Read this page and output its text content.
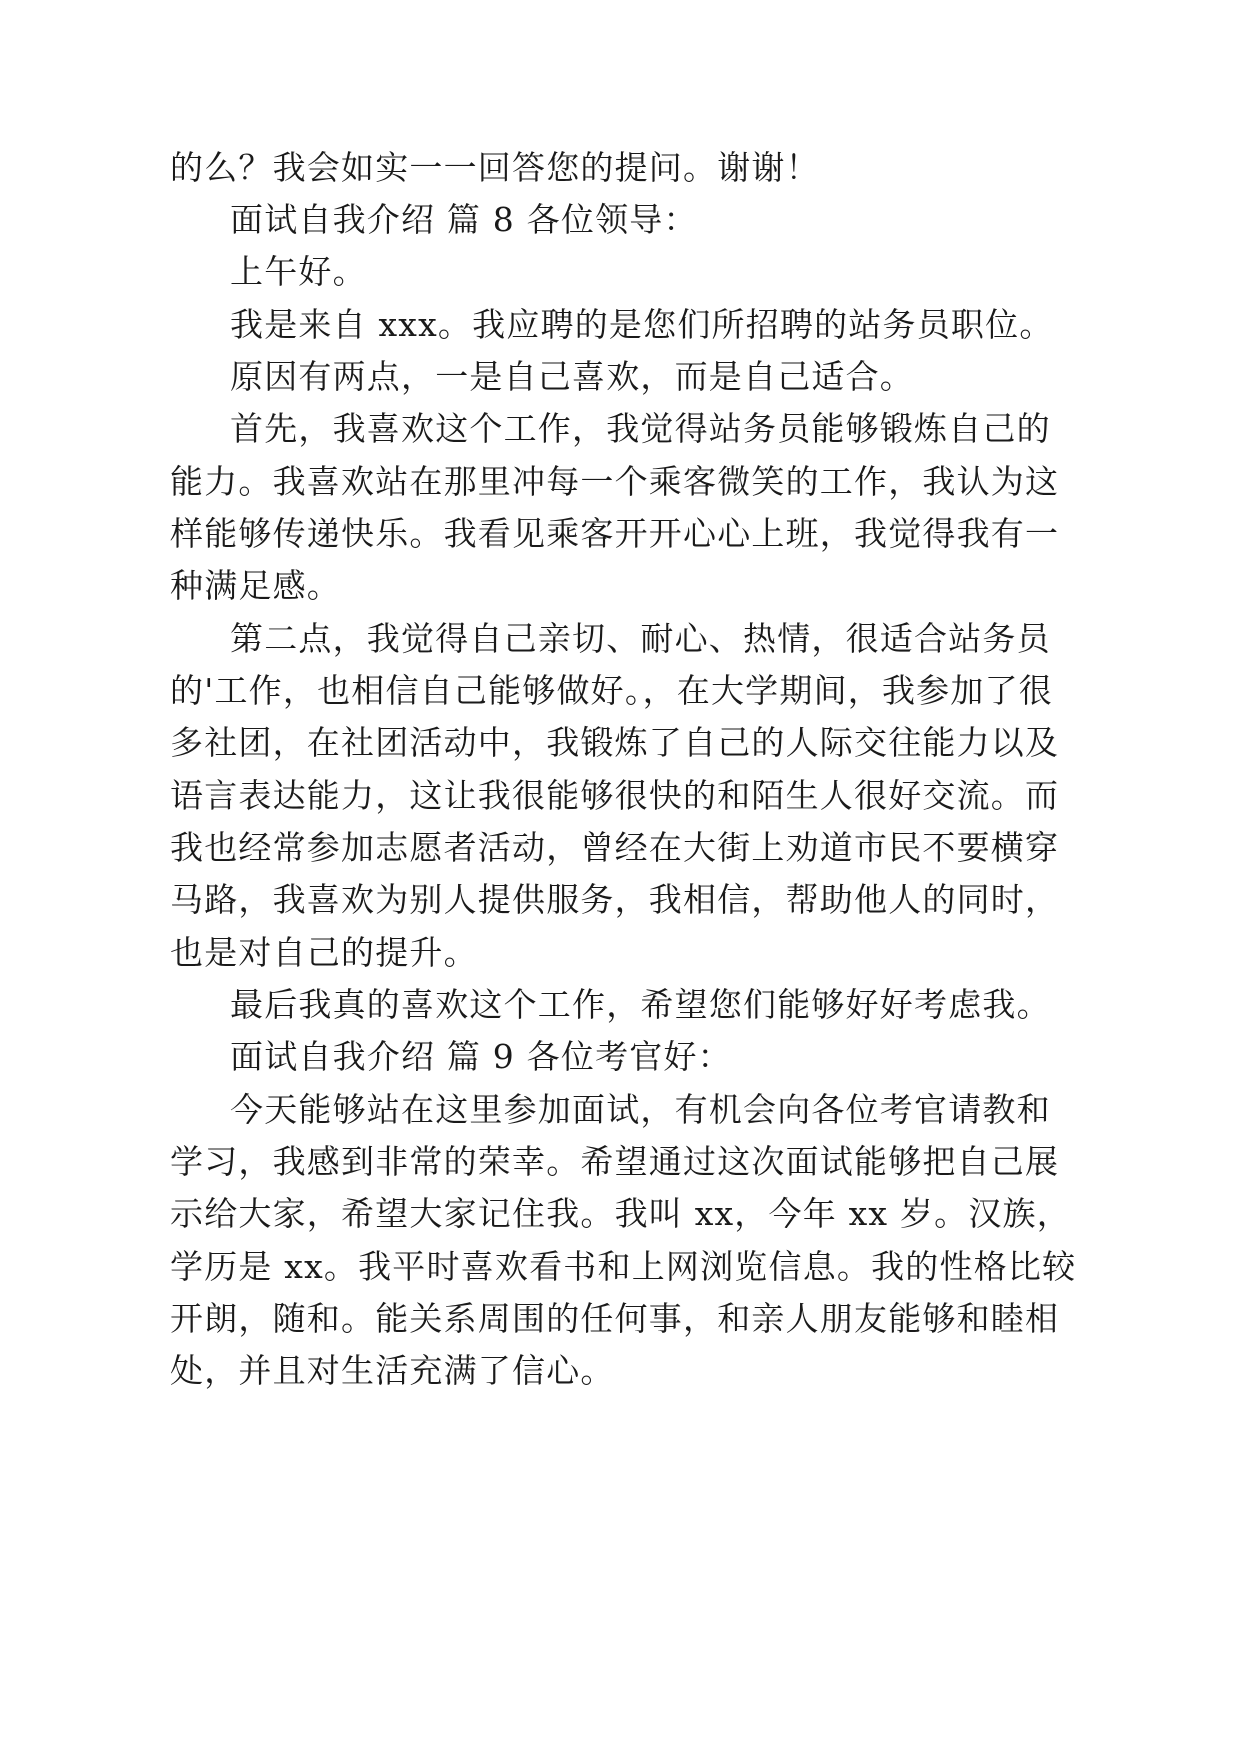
的么？我会如实一一回答您的提问。谢谢！
面试自我介绍 篇 8 各位领导：
上午好。
我是来自 xxx。我应聘的是您们所招聘的站务员职位。
原因有两点，一是自己喜欢，而是自己适合。
首先，我喜欢这个工作，我觉得站务员能够锻炼自己的
能力。我喜欢站在那里冲每一个乘客微笑的工作，我认为这
样能够传递快乐。我看见乘客开开心心上班，我觉得我有一
种满足感。
第二点，我觉得自己亲切、耐心、热情，很适合站务员
的'工作，也相信自己能够做好。，在大学期间，我参加了很
多社团，在社团活动中，我锻炼了自己的人际交往能力以及
语言表达能力，这让我很能够很快的和陌生人很好交流。而
我也经常参加志愿者活动，曾经在大街上劝道市民不要横穿
马路，我喜欢为别人提供服务，我相信，帮助他人的同时，
也是对自己的提升。
最后我真的喜欢这个工作，希望您们能够好好考虑我。
面试自我介绍 篇 9 各位考官好：
今天能够站在这里参加面试，有机会向各位考官请教和
学习，我感到非常的荣幸。希望通过这次面试能够把自己展
示给大家，希望大家记住我。我叫 xx，今年 xx 岁。汉族，
学历是 xx。我平时喜欢看书和上网浏览信息。我的性格比较
开朗，随和。能关系周围的任何事，和亲人朋友能够和睦相
处，并且对生活充满了信心。
